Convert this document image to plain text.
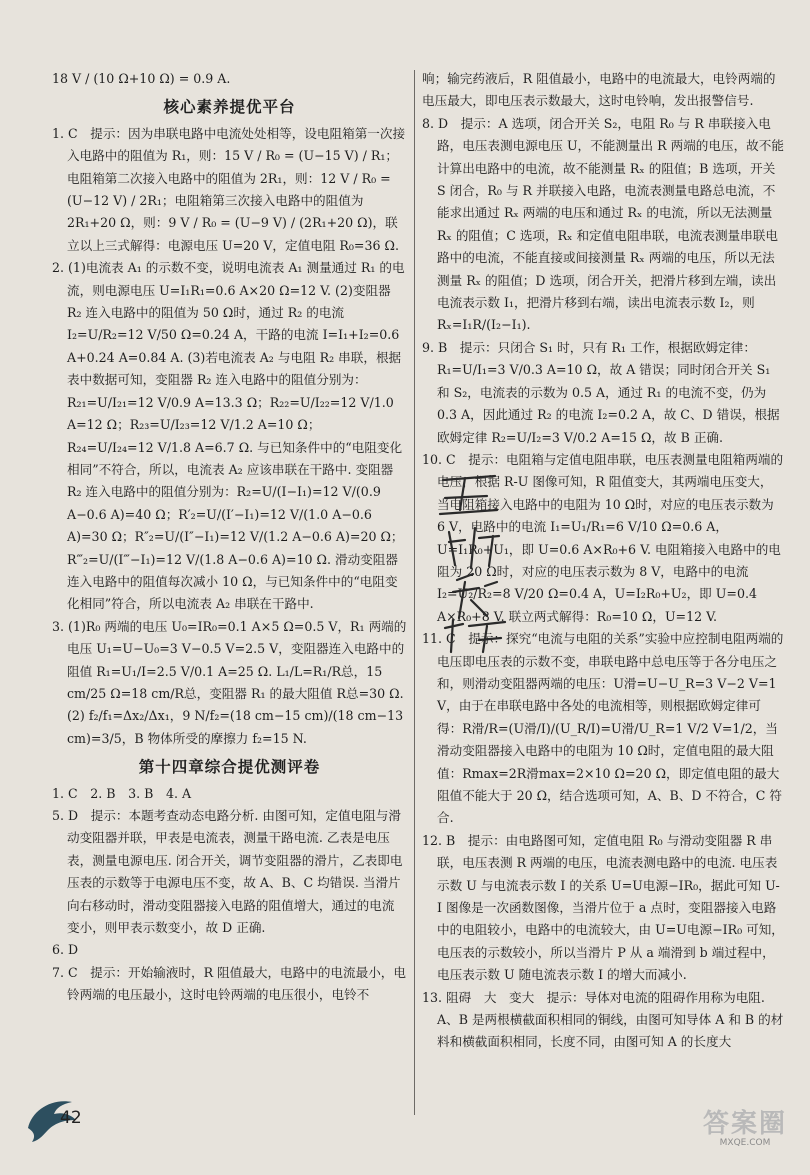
18 V / (10 Ω+10 Ω) = 0.9 A.

核心素养提优平台

1. C　提示：因为串联电路中电流处处相等，设电阻箱第一次接入电路中的阻值为 R₁，则：15 V / R₀ = (U−15 V) / R₁；电阻箱第二次接入电路中的阻值为 2R₁，则：12 V / R₀ = (U−12 V) / 2R₁；电阻箱第三次接入电路中的阻值为 2R₁+20 Ω，则：9 V / R₀ = (U−9 V) / (2R₁+20 Ω)，联立以上三式解得：电源电压 U=20 V，定值电阻 R₀=36 Ω.

2. (1)电流表 A₁ 的示数不变，说明电流表 A₁ 测量通过 R₁ 的电流，则电源电压 U=I₁R₁=0.6 A×20 Ω=12 V. (2)变阻器 R₂ 连入电路中的阻值为 50 Ω时，通过 R₂ 的电流 I₂=U/R₂=12 V/50 Ω=0.24 A，干路的电流 I=I₁+I₂=0.6 A+0.24 A=0.84 A. (3)若电流表 A₂ 与电阻 R₂ 串联，根据表中数据可知，变阻器 R₂ 连入电路中的阻值分别为：R₂₁=U/I₂₁=12 V/0.9 A=13.3 Ω；R₂₂=U/I₂₂=12 V/1.0 A=12 Ω；R₂₃=U/I₂₃=12 V/1.2 A=10 Ω；R₂₄=U/I₂₄=12 V/1.8 A=6.7 Ω. 与已知条件中的“电阻变化相同”不符合，所以，电流表 A₂ 应该串联在干路中. 变阻器 R₂ 连入电路中的阻值分别为：R₂=U/(I−I₁)=12 V/(0.9 A−0.6 A)=40 Ω；R′₂=U/(I′−I₁)=12 V/(1.0 A−0.6 A)=30 Ω；R″₂=U/(I″−I₁)=12 V/(1.2 A−0.6 A)=20 Ω；R‴₂=U/(I‴−I₁)=12 V/(1.8 A−0.6 A)=10 Ω. 滑动变阻器连入电路中的阻值每次减小 10 Ω，与已知条件中的“电阻变化相同”符合，所以电流表 A₂ 串联在干路中.

3. (1)R₀ 两端的电压 U₀=IR₀=0.1 A×5 Ω=0.5 V，R₁ 两端的电压 U₁=U−U₀=3 V−0.5 V=2.5 V，变阻器连入电路中的阻值 R₁=U₁/I=2.5 V/0.1 A=25 Ω. L₁/L=R₁/R总，15 cm/25 Ω=18 cm/R总，变阻器 R₁ 的最大阻值 R总=30 Ω. (2) f₂/f₁=Δx₂/Δx₁，9 N/f₂=(18 cm−15 cm)/(18 cm−13 cm)=3/5，B 物体所受的摩擦力 f₂=15 N.

第十四章综合提优测评卷

1. C　2. B　3. B　4. A

5. D　提示：本题考查动态电路分析. 由图可知，定值电阻与滑动变阻器并联，甲表是电流表，测量干路电流. 乙表是电压表，测量电源电压. 闭合开关，调节变阻器的滑片，乙表即电压表的示数等于电源电压不变，故 A、B、C 均错误. 当滑片向右移动时，滑动变阻器接入电路的阻值增大，通过的电流变小，则甲表示数变小，故 D 正确.

6. D

7. C　提示：开始输液时，R 阻值最大，电路中的电流最小，电铃两端的电压最小，这时电铃两端的电压很小，电铃不

响；输完药液后，R 阻值最小，电路中的电流最大，电铃两端的电压最大，即电压表示数最大，这时电铃响，发出报警信号.

8. D　提示：A 选项，闭合开关 S₂，电阻 R₀ 与 R 串联接入电路，电压表测电源电压 U，不能测量出 R 两端的电压，故不能计算出电路中的电流，故不能测量 Rₓ 的阻值；B 选项，开关 S 闭合，R₀ 与 R 并联接入电路，电流表测量电路总电流，不能求出通过 Rₓ 两端的电压和通过 Rₓ 的电流，所以无法测量 Rₓ 的阻值；C 选项，Rₓ 和定值电阻串联，电流表测量串联电路中的电流，不能直接或间接测量 Rₓ 两端的电压，所以无法测量 Rₓ 的阻值；D 选项，闭合开关，把滑片移到左端，读出电流表示数 I₁，把滑片移到右端，读出电流表示数 I₂，则 Rₓ=I₁R/(I₂−I₁).

9. B　提示：只闭合 S₁ 时，只有 R₁ 工作，根据欧姆定律：R₁=U/I₁=3 V/0.3 A=10 Ω，故 A 错误；同时闭合开关 S₁ 和 S₂，电流表的示数为 0.5 A，通过 R₁ 的电流不变，仍为 0.3 A，因此通过 R₂ 的电流 I₂=0.2 A，故 C、D 错误，根据欧姆定律 R₂=U/I₂=3 V/0.2 A=15 Ω，故 B 正确.

10. C　提示：电阻箱与定值电阻串联，电压表测量电阻箱两端的电压，根据 R-U 图像可知，R 阻值变大，其两端电压变大，当电阻箱接入电路中的电阻为 10 Ω时，对应的电压表示数为 6 V，电路中的电流 I₁=U₁/R₁=6 V/10 Ω=0.6 A，U=I₁R₀+U₁，即 U=0.6 A×R₀+6 V. 电阻箱接入电路中的电阻为 20 Ω时，对应的电压表示数为 8 V，电路中的电流 I₂=U₂/R₂=8 V/20 Ω=0.4 A，U=I₂R₀+U₂，即 U=0.4 A×R₀+8 V. 联立两式解得：R₀=10 Ω，U=12 V.

11. C　提示：探究“电流与电阻的关系”实验中应控制电阻两端的电压即电压表的示数不变，串联电路中总电压等于各分电压之和，则滑动变阻器两端的电压：U滑=U−U_R=3 V−2 V=1 V，由于在串联电路中各处的电流相等，则根据欧姆定律可得：R滑/R=(U滑/I)/(U_R/I)=U滑/U_R=1 V/2 V=1/2，当滑动变阻器接入电路中的电阻为 10 Ω时，定值电阻的最大阻值：Rmax=2R滑max=2×10 Ω=20 Ω，即定值电阻的最大阻值不能大于 20 Ω，结合选项可知，A、B、D 不符合，C 符合.

12. B　提示：由电路图可知，定值电阻 R₀ 与滑动变阻器 R 串联，电压表测 R 两端的电压，电流表测电路中的电流. 电压表示数 U 与电流表示数 I 的关系 U=U电源−IR₀，据此可知 U-I 图像是一次函数图像，当滑片位于 a 点时，变阻器接入电路中的电阻较小，电路中的电流较大，由 U=U电源−IR₀ 可知，电压表的示数较小，所以当滑片 P 从 a 端滑到 b 端过程中，电压表示数 U 随电流表示数 I 的增大而减小.

13. 阻碍　大　变大　提示：导体对电流的阻碍作用称为电阻. A、B 是两根横截面积相同的铜线，由图可知导体 A 和 B 的材料和横截面积相同，长度不同，由图可知 A 的长度大

42	答案圈
MXQE.COM
